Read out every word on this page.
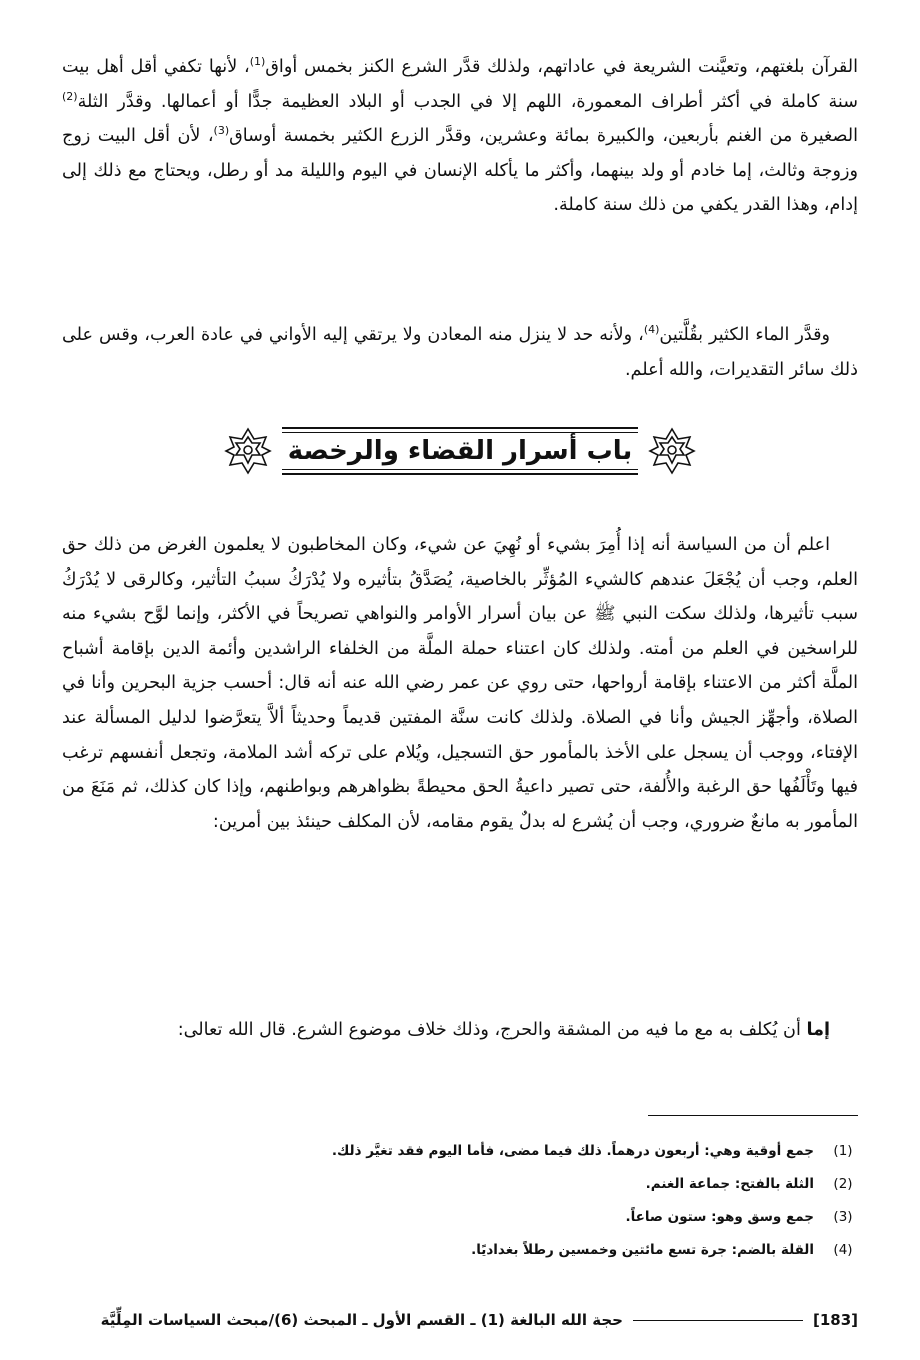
القرآن بلغتهم، وتعيَّنت الشريعة في عاداتهم، ولذلك قدَّر الشرع الكنز بخمس أواق$^{(1)}$، لأنها تكفي أقل أهل بيت سنة كاملة في أكثر أطراف المعمورة، اللهم إلا في الجدب أو البلاد العظيمة جدًّا أو أعمالها. وقدَّر الثلة$^{(2)}$ الصغيرة من الغنم بأربعين، والكبيرة بمائة وعشرين، وقدَّر الزرع الكثير بخمسة أوساق$^{(3)}$، لأن أقل البيت زوج وزوجة وثالث، إما خادم أو ولد بينهما، وأكثر ما يأكله الإنسان في اليوم والليلة مد أو رطل، ويحتاج مع ذلك إلى إدام، وهذا القدر يكفي من ذلك سنة كاملة.

وقدَّر الماء الكثير بقُلَّتين$^{(4)}$، ولأنه حد لا ينزل منه المعادن ولا يرتقي إليه الأواني في عادة العرب، وقس على ذلك سائر التقديرات، والله أعلم.

باب أسرار القضاء والرخصة

اعلم أن من السياسة أنه إذا أُمِرَ بشيء أو نُهِيَ عن شيء، وكان المخاطبون لا يعلمون الغرض من ذلك حق العلم، وجب أن يُجْعَلَ عندهم كالشيء المُؤثِّر بالخاصية، يُصَدَّقُ بتأثيره ولا يُدْرَكُ سببُ التأثير، وكالرقى لا يُدْرَكُ سبب تأثيرها، ولذلك سكت النبي ﷺ عن بيان أسرار الأوامر والنواهي تصريحاً في الأكثر، وإنما لوَّح بشيء منه للراسخين في العلم من أمته. ولذلك كان اعتناء حملة الملَّة من الخلفاء الراشدين وأئمة الدين بإقامة أشباح الملَّة أكثر من الاعتناء بإقامة أرواحها، حتى روي عن عمر رضي الله عنه أنه قال: أحسب جزية البحرين وأنا في الصلاة، وأجهِّز الجيش وأنا في الصلاة. ولذلك كانت سنَّة المفتين قديماً وحديثاً ألاَّ يتعرَّضوا لدليل المسألة عند الإفتاء، ووجب أن يسجل على الأخذ بالمأمور حق التسجيل، ويُلام على تركه أشد الملامة، وتجعل أنفسهم ترغب فيها وتَأْلَفُها حق الرغبة والأُلفة، حتى تصير داعيةُ الحق محيطةً بظواهرهم وبواطنهم، وإذا كان كذلك، ثم مَنَعَ من المأمور به مانعٌ ضروري، وجب أن يُشرع له بدلٌ يقوم مقامه، لأن المكلف حينئذ بين أمرين:

إما أن يُكلف به مع ما فيه من المشقة والحرج، وذلك خلاف موضوع الشرع. قال الله تعالى:

(1)
جمع أوقية وهي: أربعون درهماً. ذلك فيما مضى، فأما اليوم فقد تغيَّر ذلك.
(2)
الثلة بالفتح: جماعة الغنم.
(3)
جمع وسق وهو: ستون صاعاً.
(4)
القلة بالضم: جرة تسع مائتين وخمسين رطلاً بغداديًا.
[183]
حجة الله البالغة (1) ـ القسم الأول ـ المبحث (6)/مبحث السياسات المِلِّيَّة
